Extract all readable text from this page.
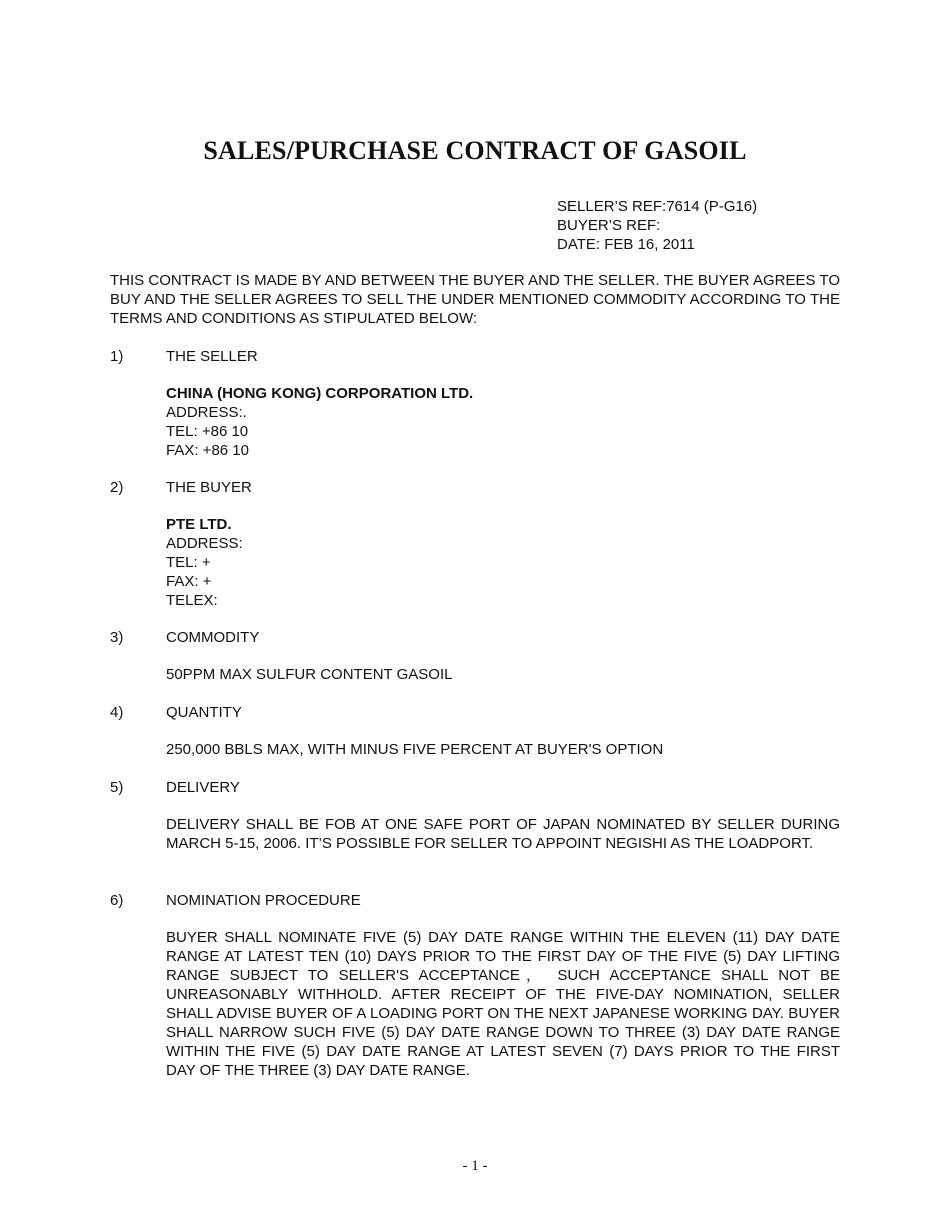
SALES/PURCHASE CONTRACT OF GASOIL
SELLER’S REF:7614 (P-G16)
BUYER’S REF:
DATE: FEB 16, 2011
THIS CONTRACT IS MADE BY AND BETWEEN THE BUYER AND THE SELLER. THE BUYER AGREES TO BUY AND THE SELLER AGREES TO SELL THE UNDER MENTIONED COMMODITY ACCORDING TO THE TERMS AND CONDITIONS AS STIPULATED BELOW:
1)	THE SELLER
CHINA (HONG KONG) CORPORATION LTD.
ADDRESS:.
TEL: +86 10
FAX: +86 10
2)	THE BUYER
PTE LTD.
ADDRESS:
TEL: +
FAX: +
TELEX:
3)	COMMODITY
50PPM MAX SULFUR CONTENT GASOIL
4)	QUANTITY
250,000 BBLS MAX, WITH MINUS FIVE PERCENT AT BUYER'S OPTION
5)	DELIVERY
DELIVERY SHALL BE FOB AT ONE SAFE PORT OF JAPAN NOMINATED BY SELLER DURING MARCH 5-15, 2006. IT’S POSSIBLE FOR SELLER TO APPOINT NEGISHI AS THE LOADPORT.
6)	NOMINATION PROCEDURE
BUYER SHALL NOMINATE FIVE (5) DAY DATE RANGE WITHIN THE ELEVEN (11) DAY DATE RANGE AT LATEST TEN (10) DAYS PRIOR TO THE FIRST DAY OF THE FIVE (5) DAY LIFTING RANGE SUBJECT TO SELLER'S ACCEPTANCE， SUCH ACCEPTANCE SHALL NOT BE UNREASONABLY WITHHOLD. AFTER RECEIPT OF THE FIVE-DAY NOMINATION, SELLER SHALL ADVISE BUYER OF A LOADING PORT ON THE NEXT JAPANESE WORKING DAY. BUYER SHALL NARROW SUCH FIVE (5) DAY DATE RANGE DOWN TO THREE (3) DAY DATE RANGE WITHIN THE FIVE (5) DAY DATE RANGE AT LATEST SEVEN (7) DAYS PRIOR TO THE FIRST DAY OF THE THREE (3) DAY DATE RANGE.
- 1 -
